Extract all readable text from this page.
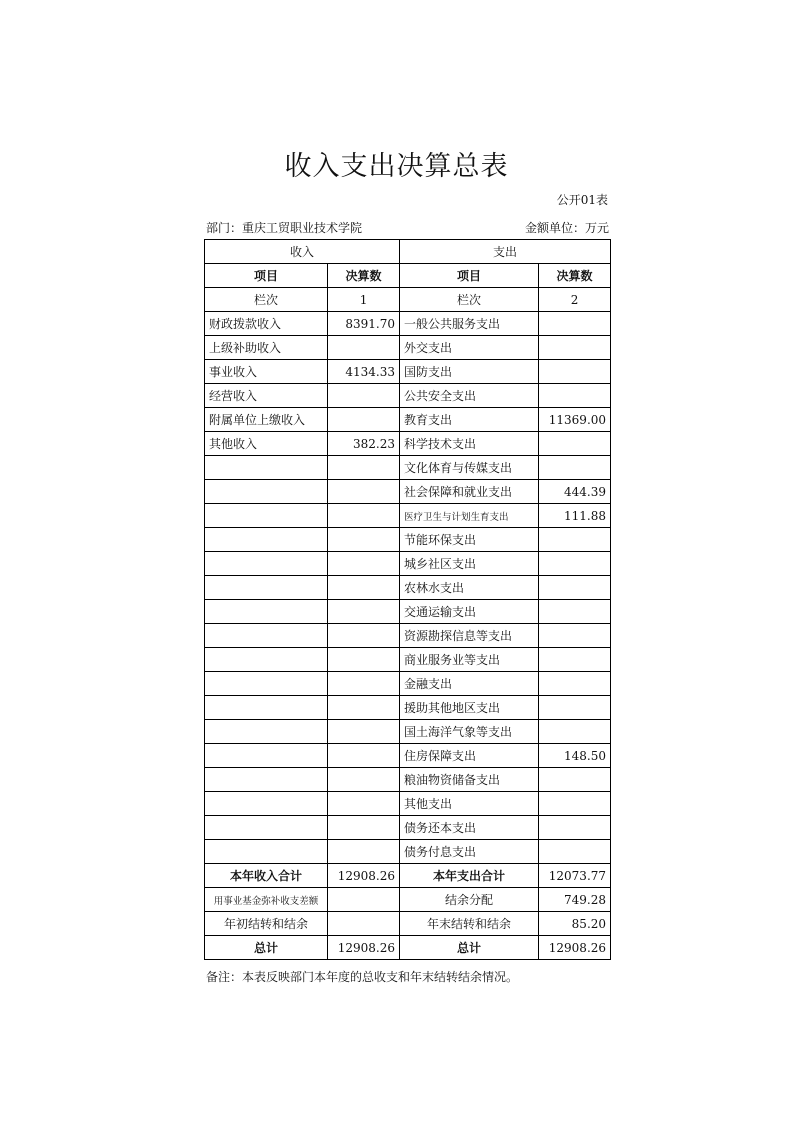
收入支出决算总表
公开01表
部门：重庆工贸职业技术学院	金额单位：万元
收入		支出	
项目	决算数	项目	决算数
栏次	1	栏次	2
财政拨款收入	8391.70	一般公共服务支出	
上级补助收入		外交支出	
事业收入	4134.33	国防支出	
经营收入		公共安全支出	
附属单位上缴收入		教育支出	11369.00
其他收入	382.23	科学技术支出	
		文化体育与传媒支出	
		社会保障和就业支出	444.39
		医疗卫生与计划生育支出	111.88
		节能环保支出	
		城乡社区支出	
		农林水支出	
		交通运输支出	
		资源勘探信息等支出	
		商业服务业等支出	
		金融支出	
		援助其他地区支出	
		国土海洋气象等支出	
		住房保障支出	148.50
		粮油物资储备支出	
		其他支出	
		债务还本支出	
		债务付息支出	
本年收入合计	12908.26	本年支出合计	12073.77
用事业基金弥补收支差额		结余分配	749.28
年初结转和结余		年末结转和结余	85.20
总计	12908.26	总计	12908.26
备注：本表反映部门本年度的总收支和年末结转结余情况。
